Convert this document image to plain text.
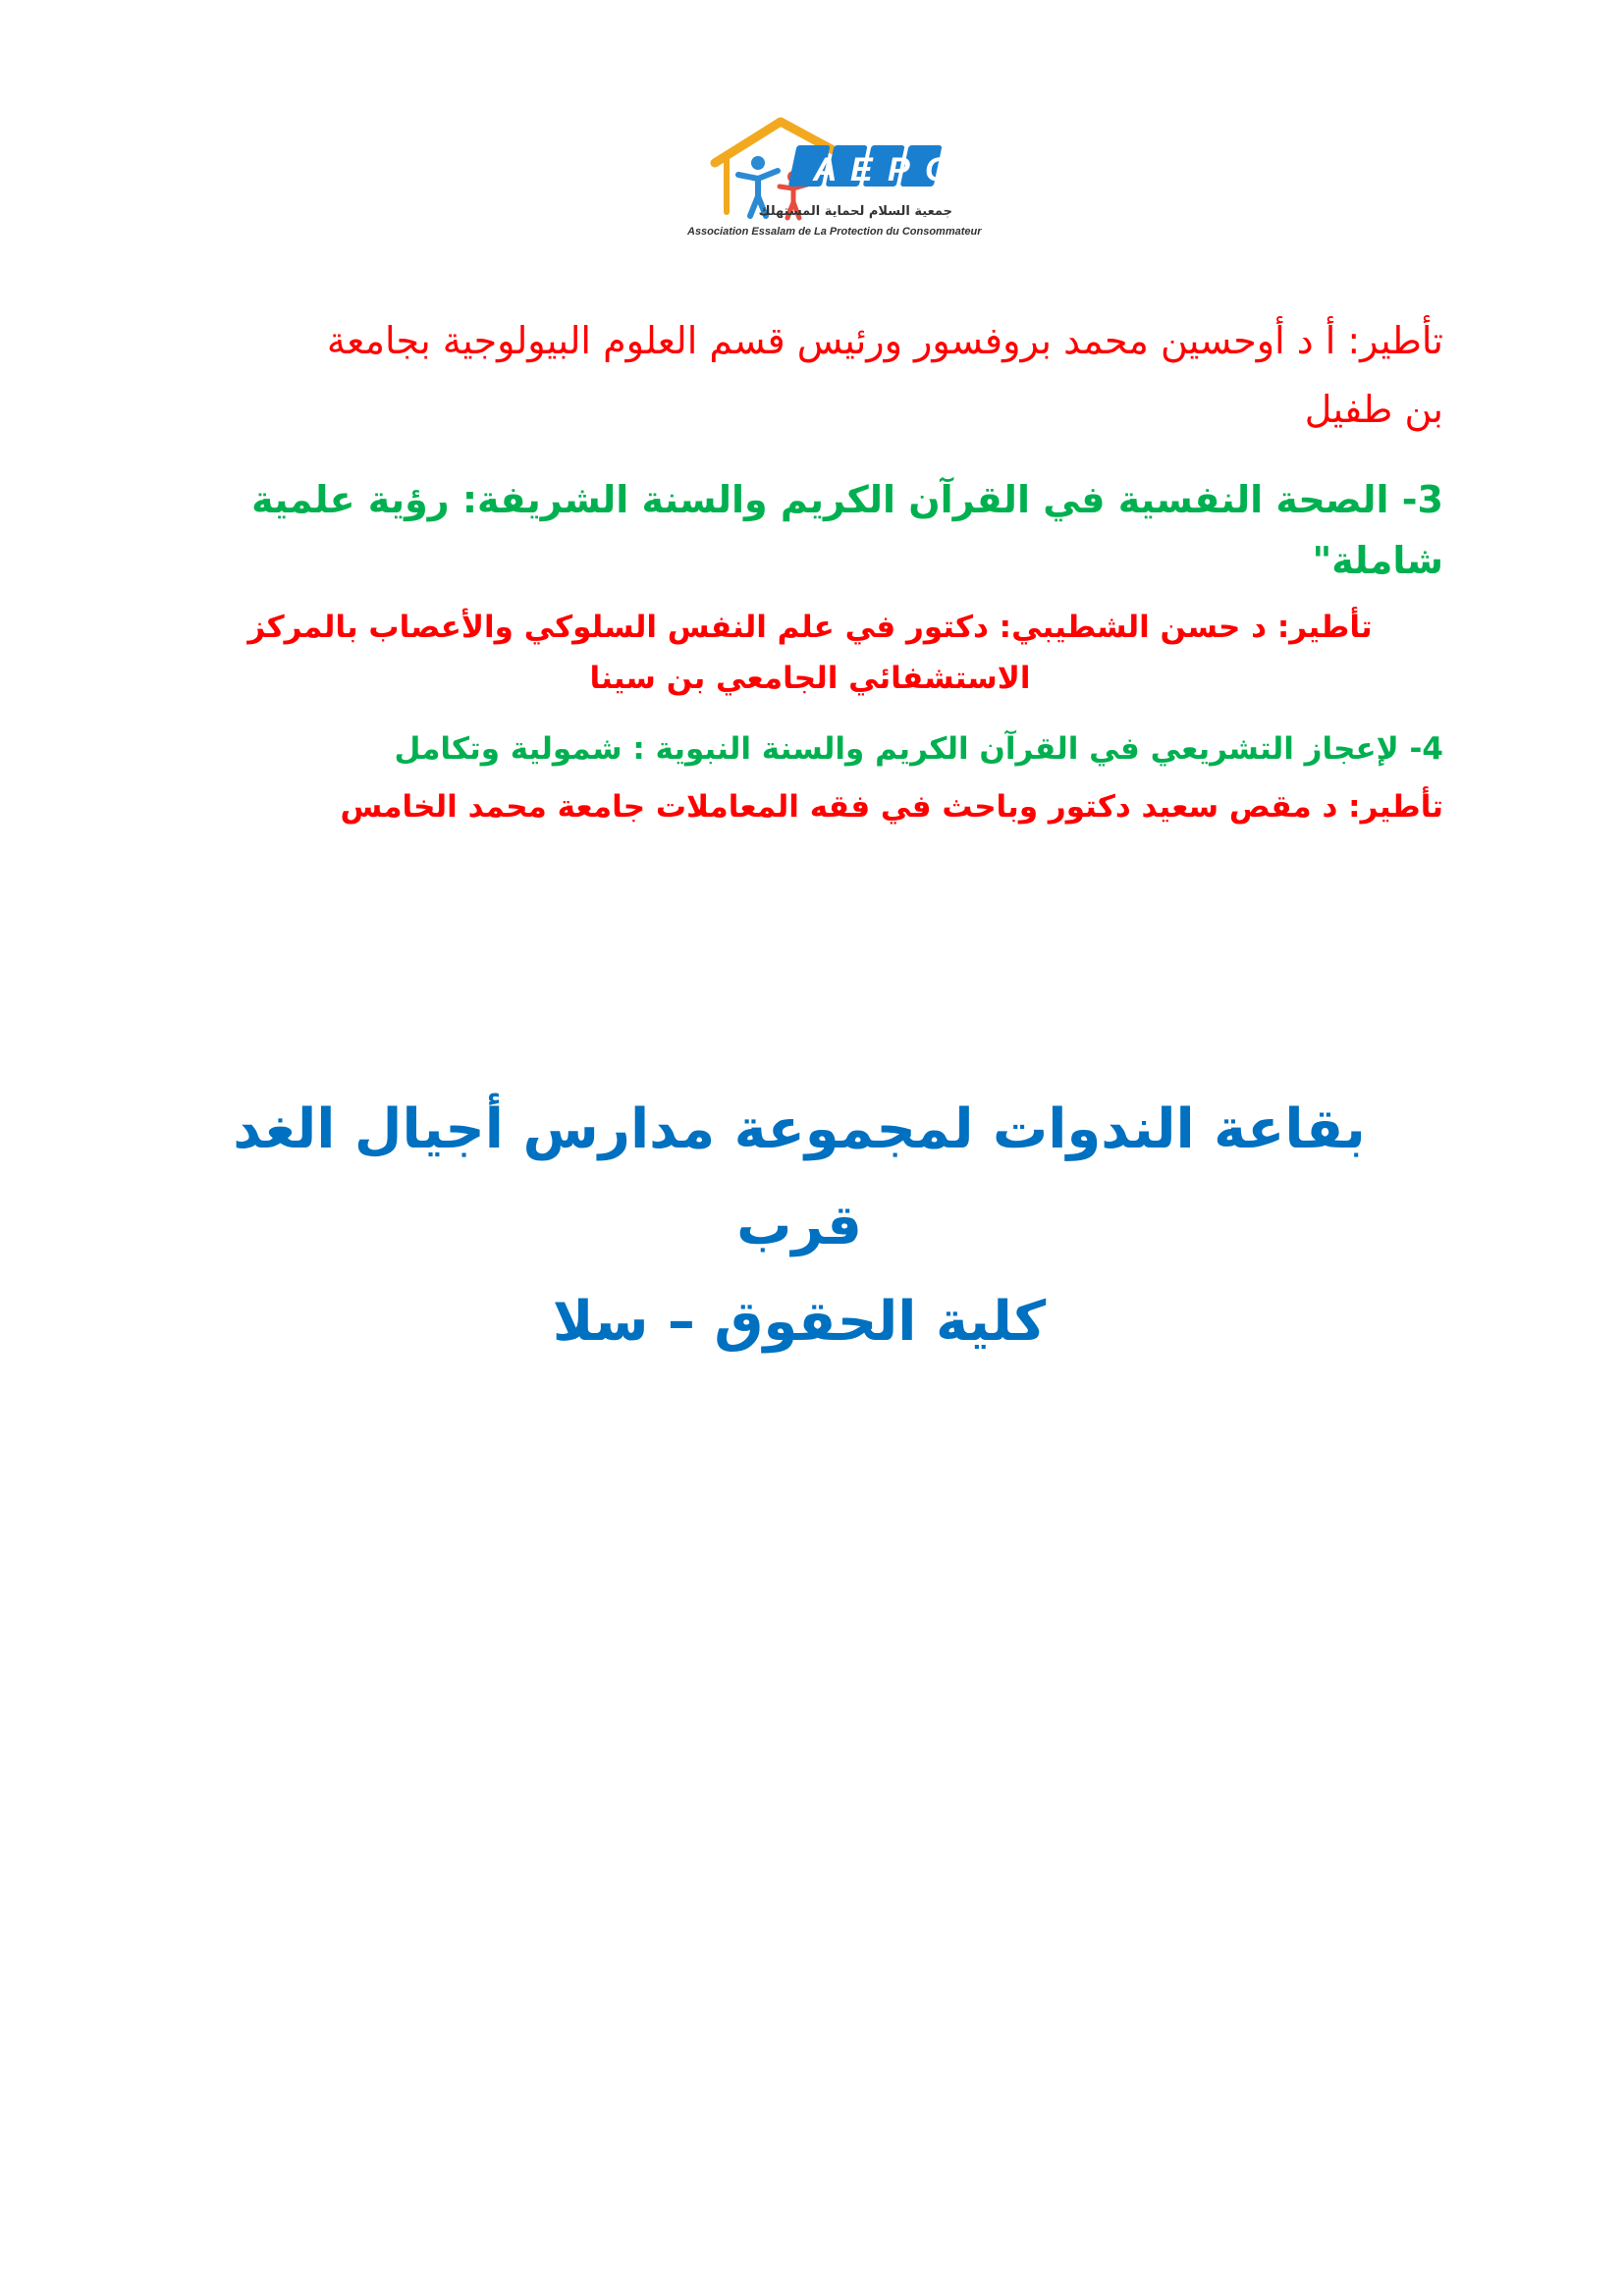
A E P C
جمعية السلام لحماية المستهلك
Association Essalam de La Protection du Consommateur

تأطير: أ د أوحسين محمد بروفسور ورئيس قسم العلوم البيولوجية بجامعة
بن طفيل

3- الصحة النفسية في القرآن الكريم والسنة الشريفة: رؤية علمية
شاملة"

تأطير: د حسن الشطيبي: دكتور في علم النفس السلوكي والأعصاب بالمركز
الاستشفائي الجامعي بن سينا

4- لإعجاز التشريعي في القرآن الكريم والسنة النبوية : شمولية وتكامل

تأطير: د مقص سعيد دكتور وباحث في فقه المعاملات جامعة محمد الخامس

بقاعة الندوات لمجموعة مدارس أجيال الغد قرب
كلية الحقوق – سلا
